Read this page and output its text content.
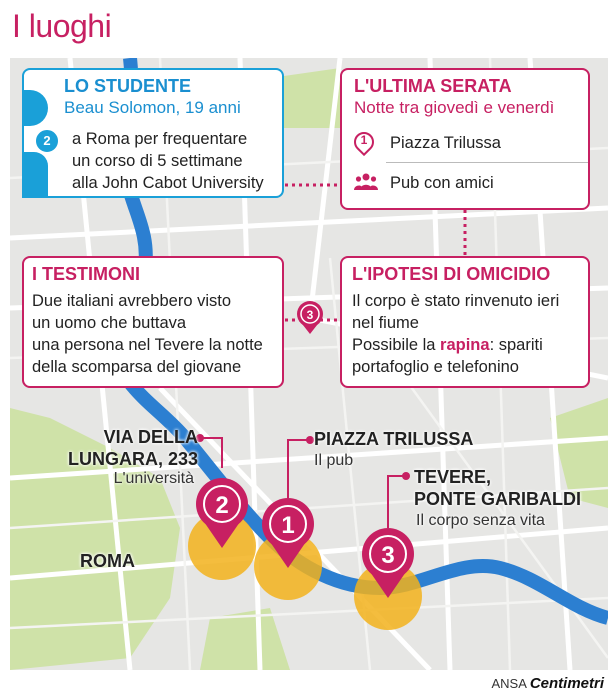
I luoghi
3
2
1
3
VIA DELLA
LUNGARA, 233
L'università
PIAZZA TRILUSSA
Il pub
TEVERE,
PONTE GARIBALDI
Il corpo senza vita
ROMA
2
LO STUDENTE
Beau Solomon, 19 anni
a Roma per frequentare
un corso di 5 settimane
alla John Cabot University
L'ULTIMA SERATA
Notte tra giovedì e venerdì
1	Piazza Trilussa
Pub con amici
I TESTIMONI
Due italiani avrebbero visto
un uomo che buttava
una persona nel Tevere la notte
della scomparsa del giovane
L'IPOTESI DI OMICIDIO
Il corpo è stato rinvenuto ieri
nel fiume
Possibile la rapina: spariti
portafoglio e telefonino
ANSA Centimetri
